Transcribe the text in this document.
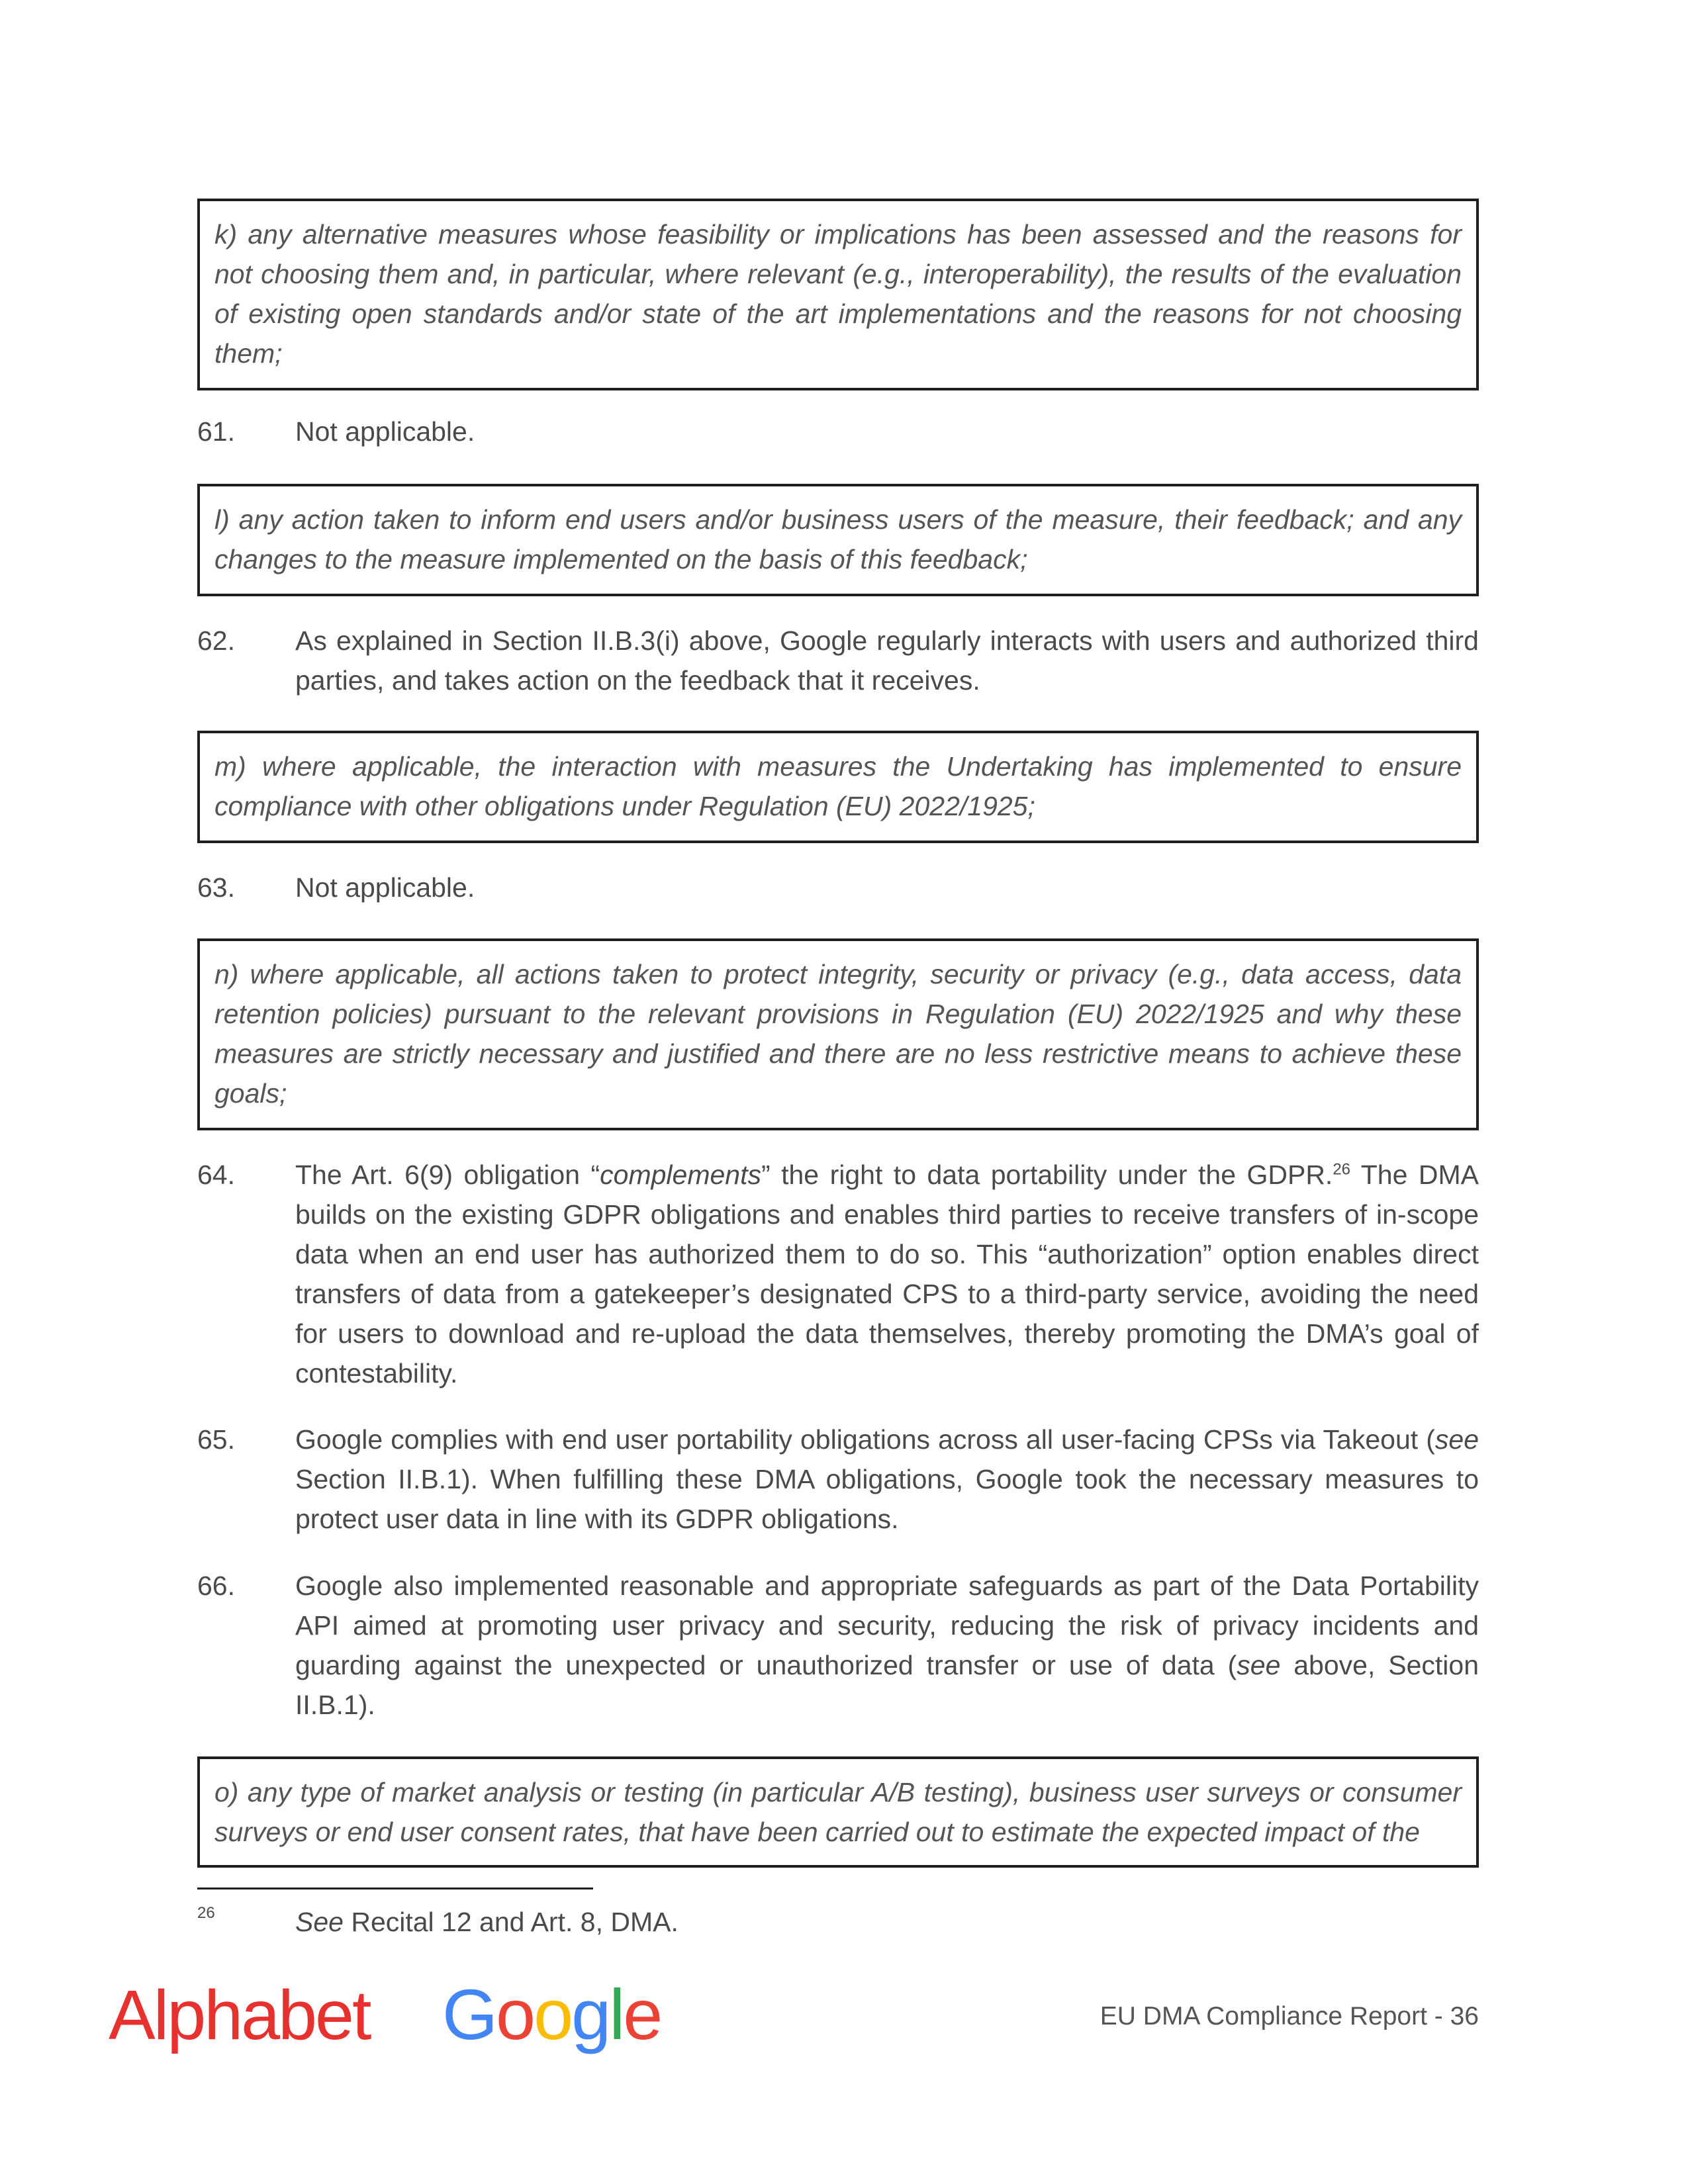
k) any alternative measures whose feasibility or implications has been assessed and the reasons for not choosing them and, in particular, where relevant (e.g., interoperability), the results of the evaluation of existing open standards and/or state of the art implementations and the reasons for not choosing them;
61. Not applicable.
l) any action taken to inform end users and/or business users of the measure, their feedback; and any changes to the measure implemented on the basis of this feedback;
62. As explained in Section II.B.3(i) above, Google regularly interacts with users and authorized third parties, and takes action on the feedback that it receives.
m) where applicable, the interaction with measures the Undertaking has implemented to ensure compliance with other obligations under Regulation (EU) 2022/1925;
63. Not applicable.
n) where applicable, all actions taken to protect integrity, security or privacy (e.g., data access, data retention policies) pursuant to the relevant provisions in Regulation (EU) 2022/1925 and why these measures are strictly necessary and justified and there are no less restrictive means to achieve these goals;
64. The Art. 6(9) obligation “complements” the right to data portability under the GDPR.$^{26}$ The DMA builds on the existing GDPR obligations and enables third parties to receive transfers of in-scope data when an end user has authorized them to do so. This “authorization” option enables direct transfers of data from a gatekeeper’s designated CPS to a third-party service, avoiding the need for users to download and re-upload the data themselves, thereby promoting the DMA’s goal of contestability.
65. Google complies with end user portability obligations across all user-facing CPSs via Takeout (see Section II.B.1). When fulfilling these DMA obligations, Google took the necessary measures to protect user data in line with its GDPR obligations.
66. Google also implemented reasonable and appropriate safeguards as part of the Data Portability API aimed at promoting user privacy and security, reducing the risk of privacy incidents and guarding against the unexpected or unauthorized transfer or use of data (see above, Section II.B.1).
o) any type of market analysis or testing (in particular A/B testing), business user surveys or consumer surveys or end user consent rates, that have been carried out to estimate the expected impact of the
26	See Recital 12 and Art. 8, DMA.
Alphabet Google	EU DMA Compliance Report - 36
